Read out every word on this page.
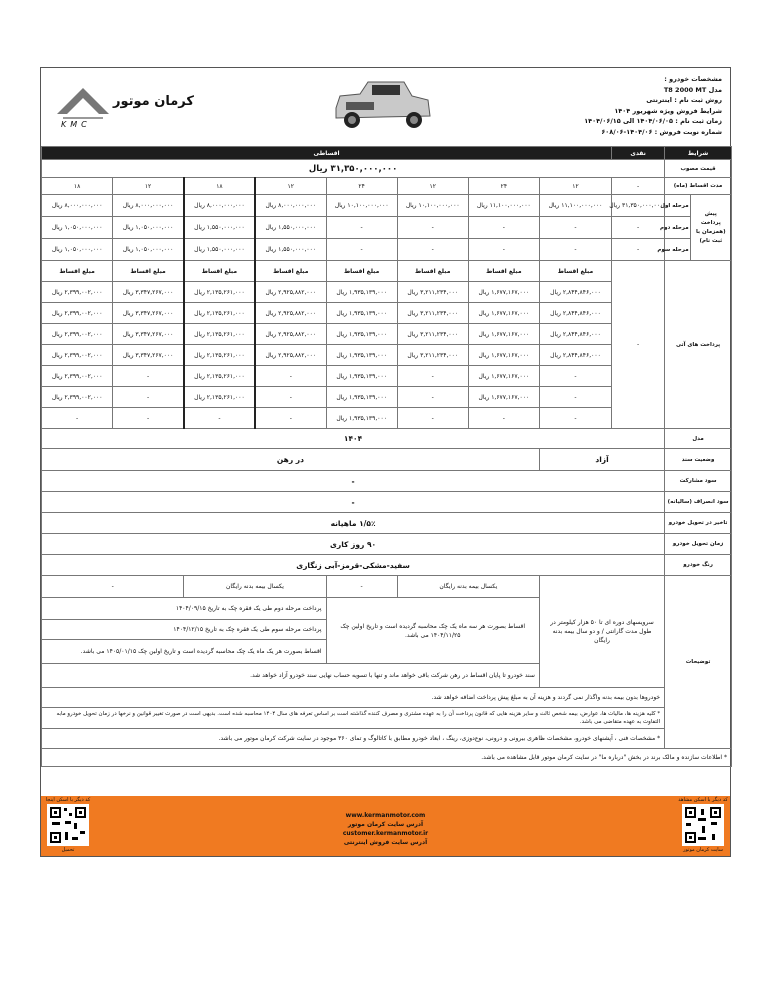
کرمان موتور
KMC
مشخصات خودرو :
مدل T8 2000 MT
روش ثبت نام : اینترنتی
شرایط فروش ویژه شهریور ۱۴۰۴
زمان ثبت نام : ۱۴۰۴/۰۶/۰۵ الی ۱۴۰۴/۰۶/۱۵
شماره نوبت فروش : ۱۴۰۴/۰۶-۶۰۸/۰۶
شرایط		نقدی	اقساطی							
قیمت مصوب		۳۱,۳۵۰,۰۰۰,۰۰۰ ریال								
مدت اقساط (ماه)		-	۱۲	۲۴	۱۲	۲۴	۱۲	۱۸	۱۲	۱۸
پیش پرداخت
(همزمان با ثبت نام)	مرحله اول	۳۱,۳۵۰,۰۰۰,۰۰۰ ریال	۱۱,۱۰۰,۰۰۰,۰۰۰ ریال	۱۱,۱۰۰,۰۰۰,۰۰۰ ریال	۱۰,۱۰۰,۰۰۰,۰۰۰ ریال	۱۰,۱۰۰,۰۰۰,۰۰۰ ریال	۸,۰۰۰,۰۰۰,۰۰۰ ریال	۸,۰۰۰,۰۰۰,۰۰۰ ریال	۸,۰۰۰,۰۰۰,۰۰۰ ریال	۸,۰۰۰,۰۰۰,۰۰۰ ریال
	مرحله دوم	-	-	-	-	-	۱,۵۵۰,۰۰۰,۰۰۰ ریال	۱,۵۵۰,۰۰۰,۰۰۰ ریال	۱,۰۵۰,۰۰۰,۰۰۰ ریال	۱,۰۵۰,۰۰۰,۰۰۰ ریال
	مرحله سوم	-	-	-	-	-	۱,۵۵۰,۰۰۰,۰۰۰ ریال	۱,۵۵۰,۰۰۰,۰۰۰ ریال	۱,۰۵۰,۰۰۰,۰۰۰ ریال	۱,۰۵۰,۰۰۰,۰۰۰ ریال
پرداخت های آتی		-	مبلغ اقساط	مبلغ اقساط	مبلغ اقساط	مبلغ اقساط	مبلغ اقساط	مبلغ اقساط	مبلغ اقساط	مبلغ اقساط
			۲,۸۴۴,۸۴۶,۰۰۰ ریال	۱,۶۷۷,۱۶۷,۰۰۰ ریال	۳,۲۱۱,۲۳۴,۰۰۰ ریال	۱,۹۳۵,۱۳۹,۰۰۰ ریال	۲,۹۲۵,۸۸۲,۰۰۰ ریال	۲,۱۳۵,۲۶۱,۰۰۰ ریال	۳,۳۴۷,۲۶۷,۰۰۰ ریال	۲,۳۹۹,۰۰۲,۰۰۰ ریال
			۲,۸۴۴,۸۴۶,۰۰۰ ریال	۱,۶۷۷,۱۶۷,۰۰۰ ریال	۳,۲۱۱,۲۳۴,۰۰۰ ریال	۱,۹۳۵,۱۳۹,۰۰۰ ریال	۲,۹۲۵,۸۸۲,۰۰۰ ریال	۲,۱۳۵,۲۶۱,۰۰۰ ریال	۳,۳۴۷,۲۶۷,۰۰۰ ریال	۲,۳۹۹,۰۰۲,۰۰۰ ریال
			۲,۸۴۴,۸۴۶,۰۰۰ ریال	۱,۶۷۷,۱۶۷,۰۰۰ ریال	۳,۲۱۱,۲۳۴,۰۰۰ ریال	۱,۹۳۵,۱۳۹,۰۰۰ ریال	۲,۹۲۵,۸۸۲,۰۰۰ ریال	۲,۱۳۵,۲۶۱,۰۰۰ ریال	۳,۳۴۷,۲۶۷,۰۰۰ ریال	۲,۳۹۹,۰۰۲,۰۰۰ ریال
			۲,۸۴۴,۸۴۶,۰۰۰ ریال	۱,۶۷۷,۱۶۷,۰۰۰ ریال	۳,۲۱۱,۲۳۴,۰۰۰ ریال	۱,۹۳۵,۱۳۹,۰۰۰ ریال	۲,۹۲۵,۸۸۲,۰۰۰ ریال	۲,۱۳۵,۲۶۱,۰۰۰ ریال	۳,۳۴۷,۲۶۷,۰۰۰ ریال	۲,۳۹۹,۰۰۲,۰۰۰ ریال
			-	۱,۶۷۷,۱۶۷,۰۰۰ ریال	-	۱,۹۳۵,۱۳۹,۰۰۰ ریال	-	۲,۱۳۵,۲۶۱,۰۰۰ ریال	-	۲,۳۹۹,۰۰۲,۰۰۰ ریال
			-	۱,۶۷۷,۱۶۷,۰۰۰ ریال	-	۱,۹۳۵,۱۳۹,۰۰۰ ریال	-	۲,۱۳۵,۲۶۱,۰۰۰ ریال	-	۲,۳۹۹,۰۰۲,۰۰۰ ریال
			-	-	-	۱,۹۳۵,۱۳۹,۰۰۰ ریال	-	-	-	-
مدل		۱۴۰۴								
وضعیت سند		آزاد		در رهن						
سود مشارکت		-								
سود انصراف (سالیانه)		-								
تاخیر در تحویل خودرو		۱/۵٪ ماهیانه								
زمان تحویل خودرو		۹۰ روز کاری								
رنگ خودرو		سفید-مشکی-قرمز-آبی زنگاری								
توضیحات		سرویسهای دوره ای تا ۵۰ هزار کیلومتر در طول مدت گارانتی / و دو سال بیمه بدنه رایگان		یکسال بیمه بدنه رایگان		-	یکسال بیمه بدنه رایگان		-	
				اقساط بصورت هر سه ماه یک چک محاسبه گردیده است و تاریخ اولین چک ۱۴۰۴/۱۱/۲۵ می باشد.			پرداخت مرحله دوم طی یک فقره چک به تاریخ ۱۴۰۴/۰۹/۱۵			
							پرداخت مرحله سوم طی یک فقره چک به تاریخ ۱۴۰۴/۱۲/۱۵			
							اقساط بصورت هر یک ماه یک چک محاسبه گردیده است و تاریخ اولین چک ۱۴۰۵/۰۱/۱۵ می باشد.			
				سند خودرو تا پایان اقساط در رهن شرکت باقی خواهد ماند و تنها با تسویه حساب نهایی سند خودرو آزاد خواهد شد.						
		خودروها بدون بیمه بدنه واگذار نمی گردند و هزینه آن به مبلغ پیش پرداخت اضافه خواهد شد.								
		* کلیه هزینه ها، مالیات ها، عوارض، بیمه شخص ثالث و سایر هزینه هایی که قانون پرداخت آن را به عهده مشتری و مصرف کننده گذاشته است بر اساس تعرفه های سال ۱۴۰۴ محاسبه شده است. بدیهی است در صورت تغییر قوانین و نرخها در زمان تحویل خودرو مابه التفاوت به عهده متقاضی می باشد.								
		* مشخصات فنی ، آپشنهای خودرو، مشخصات ظاهری بیرونی و درونی، نوع‌دوزی، رینگ ، ابعاد خودرو مطابق با کاتالوگ و تمای ۳۶۰ موجود در سایت شرکت کرمان موتور می باشد.								
* اطلاعات سازنده و مالک برند در بخش "درباره ما" در سایت کرمان موتور قابل مشاهده می باشد.										
کد دیگر با اسکن اینجا
تحمیل
www.kermanmotor.com
آدرس سایت کرمان موتور
customer.kermanmotor.ir
آدرس سایت فروش اینترنتی
کد دیگر با اسکن مشاهد
سایت کرمان موتور
